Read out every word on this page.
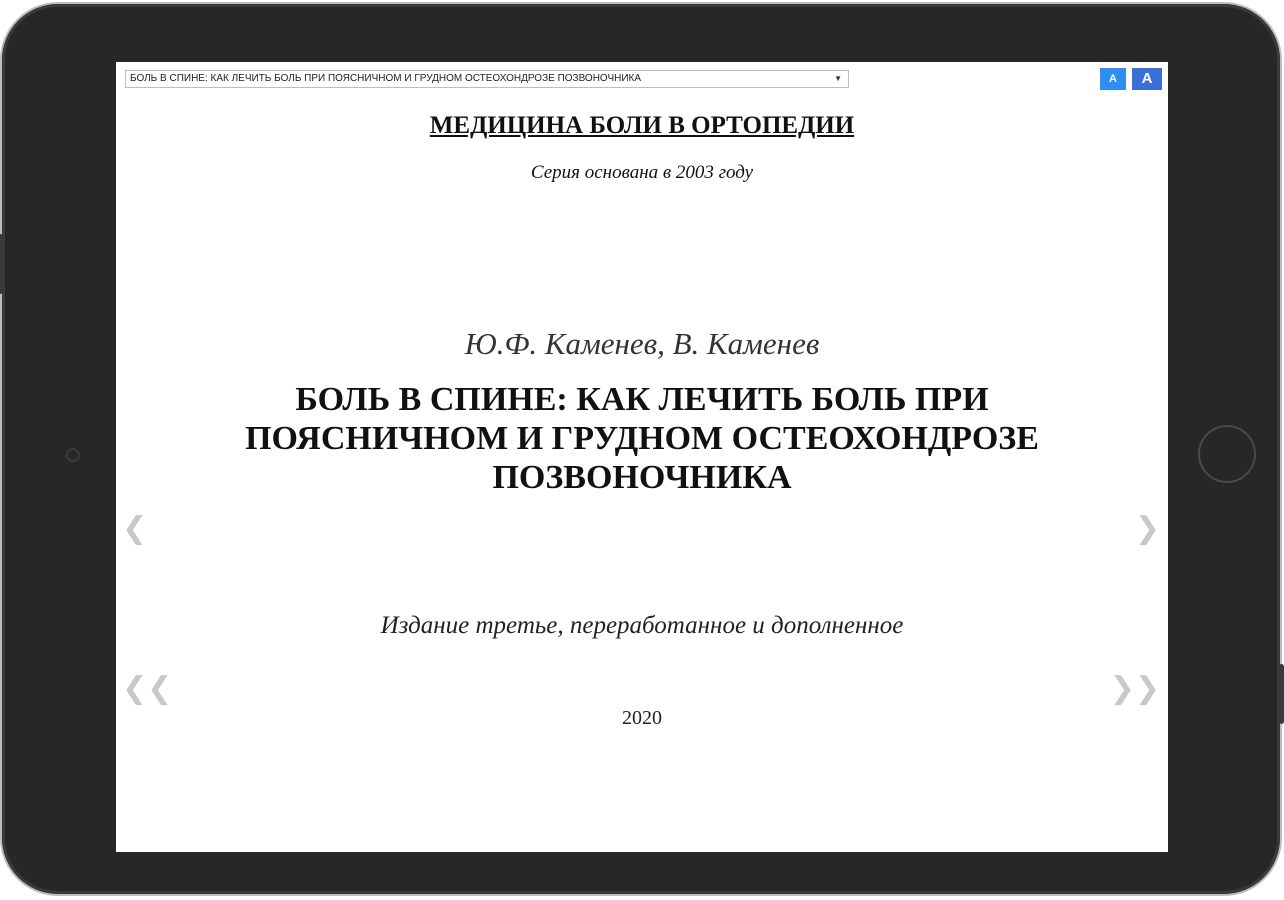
БОЛЬ В СПИНЕ: КАК ЛЕЧИТЬ БОЛЬ ПРИ ПОЯСНИЧНОМ И ГРУДНОМ ОСТЕОХОНДРОЗЕ ПОЗВОНОЧНИКА	▼	A	A
МЕДИЦИНА БОЛИ В ОРТОПЕДИИ
Серия основана в 2003 году
Ю.Ф. Каменев, В. Каменев
БОЛЬ В СПИНЕ: КАК ЛЕЧИТЬ БОЛЬ ПРИ
ПОЯСНИЧНОМ И ГРУДНОМ ОСТЕОХОНДРОЗЕ
ПОЗВОНОЧНИКА
Издание третье, переработанное и дополненное
2020
❮	❯
❮❮	❯❯
